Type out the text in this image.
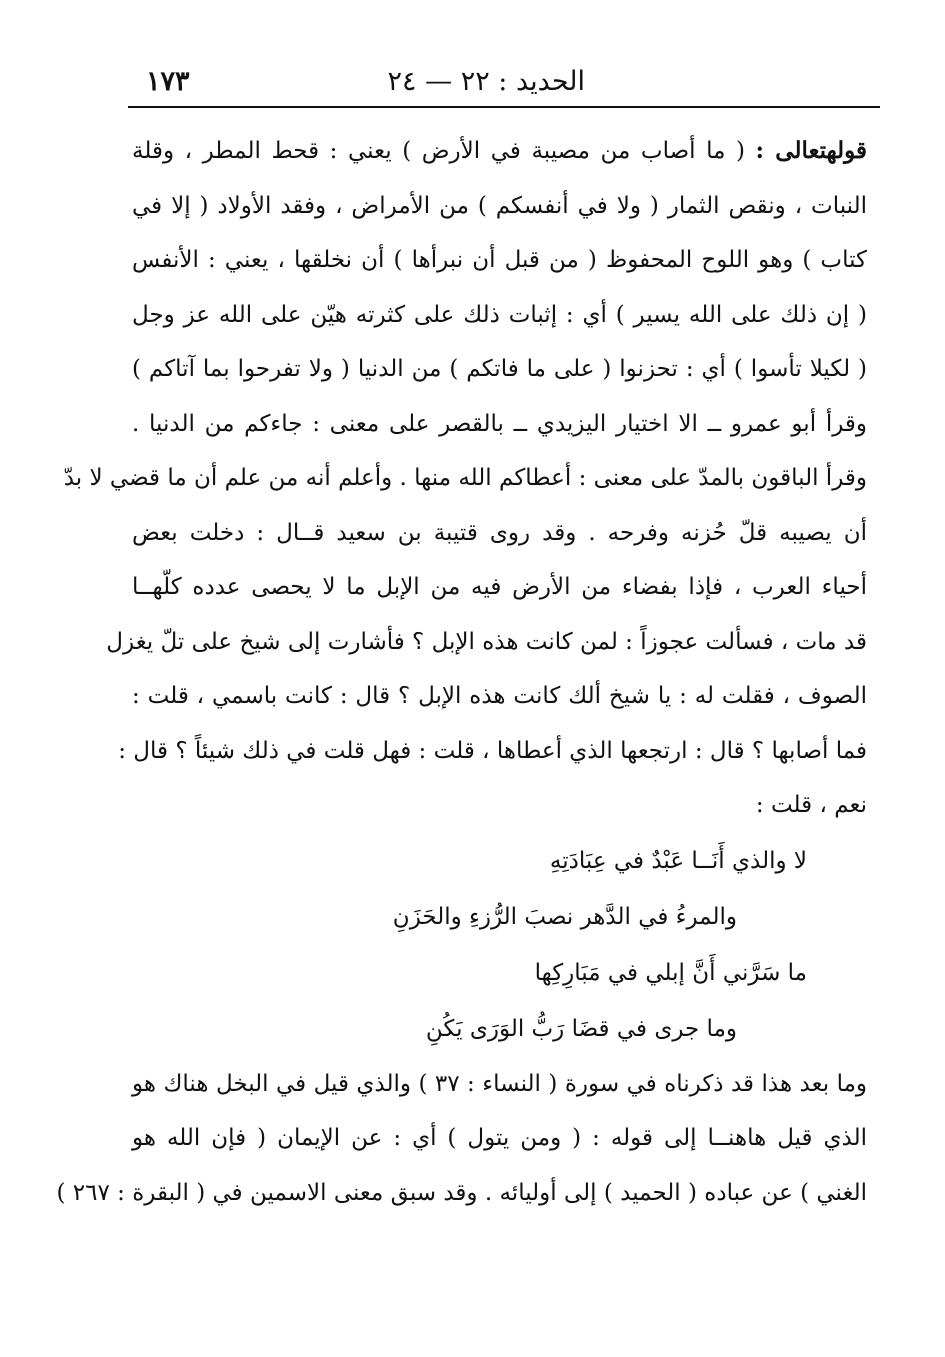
الحديد : ٢٢ — ٢٤
١٧٣
قولهتعالى : ( ما أصاب من مصيبة في الأرض ) يعني : قحط المطر ، وقلة
النبات ، ونقص الثمار ( ولا في أنفسكم ) من الأمراض ، وفقد الأولاد ( إلا في
كتاب ) وهو اللوح المحفوظ ( من قبل أن نبرأها ) أن نخلقها ، يعني : الأنفس
( إن ذلك على الله يسير ) أي : إثبات ذلك على كثرته هيّن على الله عز وجل
( لكيلا تأسوا ) أي : تحزنوا ( على ما فاتكم ) من الدنيا ( ولا تفرحوا بما آتاكم )
وقرأ أبو عمرو ــ الا اختيار اليزيدي ــ بالقصر على معنى : جاءكم من الدنيا .
وقرأ الباقون بالمدّ على معنى : أعطاكم الله منها . وأعلم أنه من علم أن ما قضي لا بدّ
أن يصيبه قلّ حُزنه وفرحه . وقد روى قتيبة بن سعيد قــال : دخلت بعض
أحياء العرب ، فإذا بفضاء من الأرض فيه من الإبل ما لا يحصى عدده كلّهــا
قد مات ، فسألت عجوزاً : لمن كانت هذه الإبل ؟ فأشارت إلى شيخ على تلّ يغزل
الصوف ، فقلت له : يا شيخ ألك كانت هذه الإبل ؟ قال : كانت باسمي ، قلت :
فما أصابها ؟ قال : ارتجعها الذي أعطاها ، قلت : فهل قلت في ذلك شيئاً ؟ قال :
نعم ، قلت :
لا والذي أَنَــا عَبْدٌ في عِبَادَتِهِ
والمرءُ في الدَّهر نصبَ الرُّزءِ والحَزَنِ
ما سَرَّني أَنَّ إبلي في مَبَارِكِها
وما جرى في قضَا رَبُّ الوَرَى يَكُنِ
وما بعد هذا قد ذكرناه في سورة ( النساء : ٣٧ ) والذي قيل في البخل هناك هو
الذي قيل هاهنــا إلى قوله : ( ومن يتول ) أي : عن الإيمان ( فإن الله هو
الغني ) عن عباده ( الحميد ) إلى أوليائه . وقد سبق معنى الاسمين في ( البقرة : ٢٦٧ )
